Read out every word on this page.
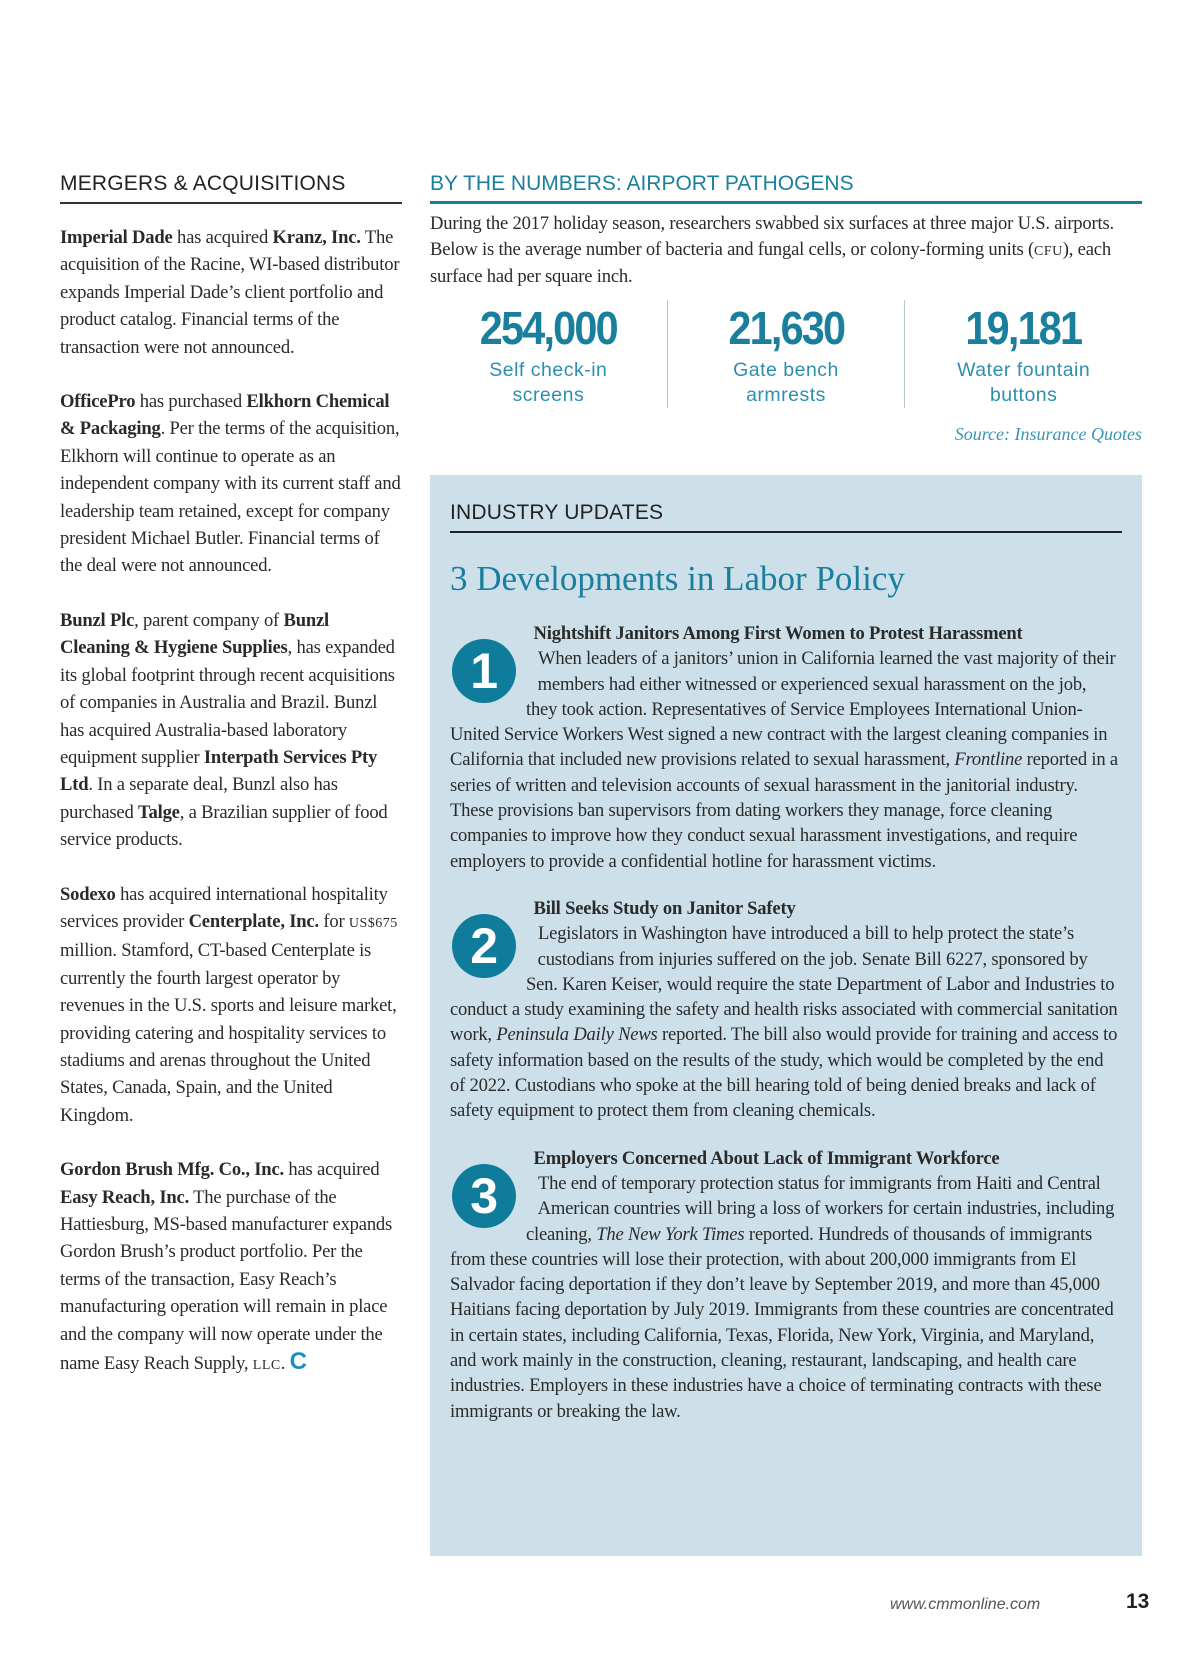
MERGERS & ACQUISITIONS

Imperial Dade has acquired Kranz, Inc. The acquisition of the Racine, WI-based distributor expands Imperial Dade’s client portfolio and product catalog. Financial terms of the transaction were not announced.

OfficePro has purchased Elkhorn Chemical & Packaging. Per the terms of the acquisition, Elkhorn will continue to operate as an independent company with its current staff and leadership team retained, except for company president Michael Butler. Financial terms of the deal were not announced.

Bunzl Plc, parent company of Bunzl Cleaning & Hygiene Supplies, has expanded its global footprint through recent acquisitions of companies in Australia and Brazil. Bunzl has acquired Australia-based laboratory equipment supplier Interpath Services Pty Ltd. In a separate deal, Bunzl also has purchased Talge, a Brazilian supplier of food service products.

Sodexo has acquired international hospitality services provider Centerplate, Inc. for US$675 million. Stamford, CT-based Centerplate is currently the fourth largest operator by revenues in the U.S. sports and leisure market, providing catering and hospitality services to stadiums and arenas throughout the United States, Canada, Spain, and the United Kingdom.

Gordon Brush Mfg. Co., Inc. has acquired Easy Reach, Inc. The purchase of the Hattiesburg, MS-based manufacturer expands Gordon Brush’s product portfolio. Per the terms of the transaction, Easy Reach’s manufacturing operation will remain in place and the company will now operate under the name Easy Reach Supply, LLC. C

BY THE NUMBERS: AIRPORT PATHOGENS
During the 2017 holiday season, researchers swabbed six surfaces at three major U.S. airports. Below is the average number of bacteria and fungal cells, or colony-forming units (CFU), each surface had per square inch.
254,000
Self check-in screens
21,630
Gate bench armrests
19,181
Water fountain buttons
Source: Insurance Quotes
INDUSTRY UPDATES
3 Developments in Labor Policy
1
Nightshift Janitors Among First Women to Protest Harassment
When leaders of a janitors’ union in California learned the vast majority of their members had either witnessed or experienced sexual harassment on the job, they took action. Representatives of Service Employees International Union-United Service Workers West signed a new contract with the largest cleaning companies in California that included new provisions related to sexual harassment, Frontline reported in a series of written and television accounts of sexual harassment in the janitorial industry. These provisions ban supervisors from dating workers they manage, force cleaning companies to improve how they conduct sexual harassment investigations, and require employers to provide a confidential hotline for harassment victims.
2
Bill Seeks Study on Janitor Safety
Legislators in Washington have introduced a bill to help protect the state’s custodians from injuries suffered on the job. Senate Bill 6227, sponsored by Sen. Karen Keiser, would require the state Department of Labor and Industries to conduct a study examining the safety and health risks associated with commercial sanitation work, Peninsula Daily News reported. The bill also would provide for training and access to safety information based on the results of the study, which would be completed by the end of 2022. Custodians who spoke at the bill hearing told of being denied breaks and lack of safety equipment to protect them from cleaning chemicals.
3
Employers Concerned About Lack of Immigrant Workforce
The end of temporary protection status for immigrants from Haiti and Central American countries will bring a loss of workers for certain industries, including cleaning, The New York Times reported. Hundreds of thousands of immigrants from these countries will lose their protection, with about 200,000 immigrants from El Salvador facing deportation if they don’t leave by September 2019, and more than 45,000 Haitians facing deportation by July 2019. Immigrants from these countries are concentrated in certain states, including California, Texas, Florida, New York, Virginia, and Maryland, and work mainly in the construction, cleaning, restaurant, landscaping, and health care industries. Employers in these industries have a choice of terminating contracts with these immigrants or breaking the law.
www.cmmonline.com	13
